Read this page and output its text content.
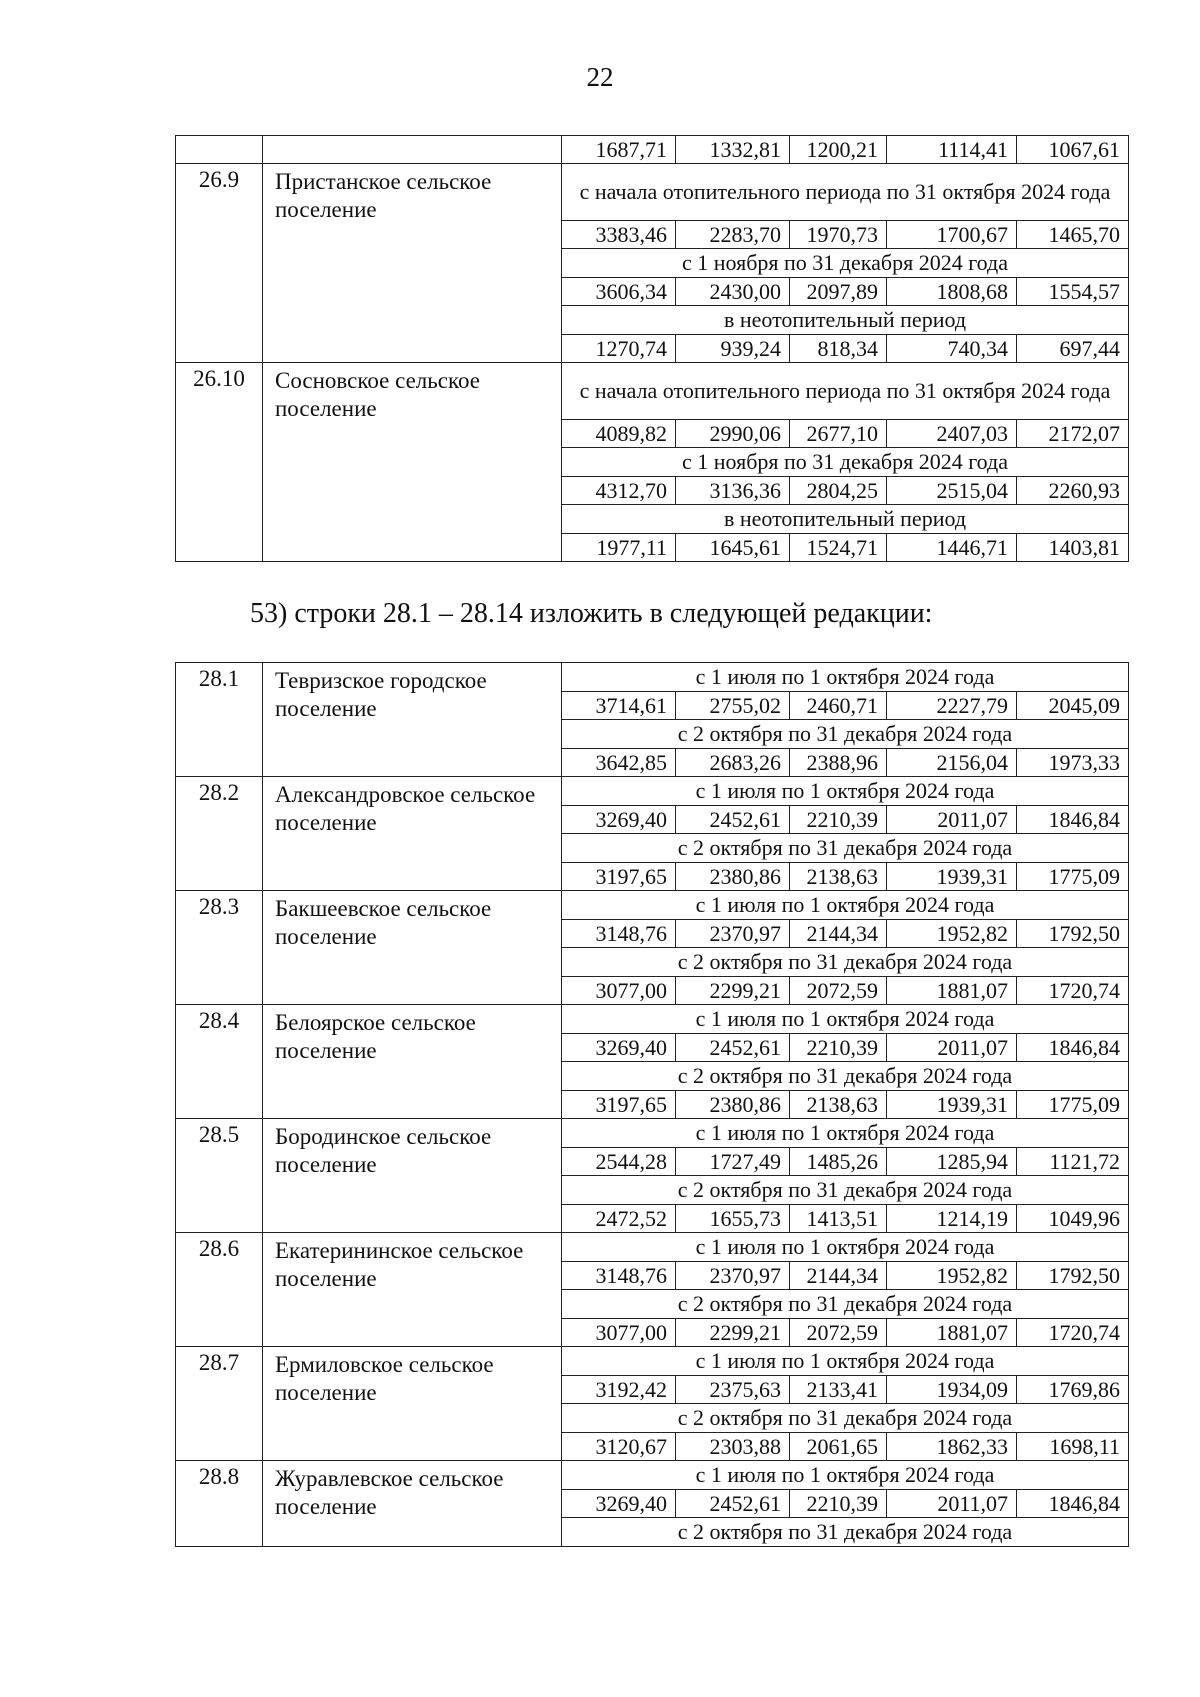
22
		1687,71	1332,81	1200,21	1114,41	1067,61
26.9	Пристанское сельское поселение	с начала отопительного периода по 31 октября 2024 года				
		3383,46	2283,70	1970,73	1700,67	1465,70
		с 1 ноября по 31 декабря 2024 года				
		3606,34	2430,00	2097,89	1808,68	1554,57
		в неотопительный период				
		1270,74	939,24	818,34	740,34	697,44
26.10	Сосновское сельское поселение	с начала отопительного периода по 31 октября 2024 года				
		4089,82	2990,06	2677,10	2407,03	2172,07
		с 1 ноября по 31 декабря 2024 года				
		4312,70	3136,36	2804,25	2515,04	2260,93
		в неотопительный период				
		1977,11	1645,61	1524,71	1446,71	1403,81
53) строки 28.1 – 28.14 изложить в следующей редакции:
28.1	Тевризское городское поселение	с 1 июля по 1 октября 2024 года				
		3714,61	2755,02	2460,71	2227,79	2045,09
		с 2 октября по 31 декабря 2024 года				
		3642,85	2683,26	2388,96	2156,04	1973,33
28.2	Александровское сельское поселение	с 1 июля по 1 октября 2024 года				
		3269,40	2452,61	2210,39	2011,07	1846,84
		с 2 октября по 31 декабря 2024 года				
		3197,65	2380,86	2138,63	1939,31	1775,09
28.3	Бакшеевское сельское поселение	с 1 июля по 1 октября 2024 года				
		3148,76	2370,97	2144,34	1952,82	1792,50
		с 2 октября по 31 декабря 2024 года				
		3077,00	2299,21	2072,59	1881,07	1720,74
28.4	Белоярское сельское поселение	с 1 июля по 1 октября 2024 года				
		3269,40	2452,61	2210,39	2011,07	1846,84
		с 2 октября по 31 декабря 2024 года				
		3197,65	2380,86	2138,63	1939,31	1775,09
28.5	Бородинское сельское поселение	с 1 июля по 1 октября 2024 года				
		2544,28	1727,49	1485,26	1285,94	1121,72
		с 2 октября по 31 декабря 2024 года				
		2472,52	1655,73	1413,51	1214,19	1049,96
28.6	Екатерининское сельское поселение	с 1 июля по 1 октября 2024 года				
		3148,76	2370,97	2144,34	1952,82	1792,50
		с 2 октября по 31 декабря 2024 года				
		3077,00	2299,21	2072,59	1881,07	1720,74
28.7	Ермиловское сельское поселение	с 1 июля по 1 октября 2024 года				
		3192,42	2375,63	2133,41	1934,09	1769,86
		с 2 октября по 31 декабря 2024 года				
		3120,67	2303,88	2061,65	1862,33	1698,11
28.8	Журавлевское сельское поселение	с 1 июля по 1 октября 2024 года				
		3269,40	2452,61	2210,39	2011,07	1846,84
		с 2 октября по 31 декабря 2024 года				
